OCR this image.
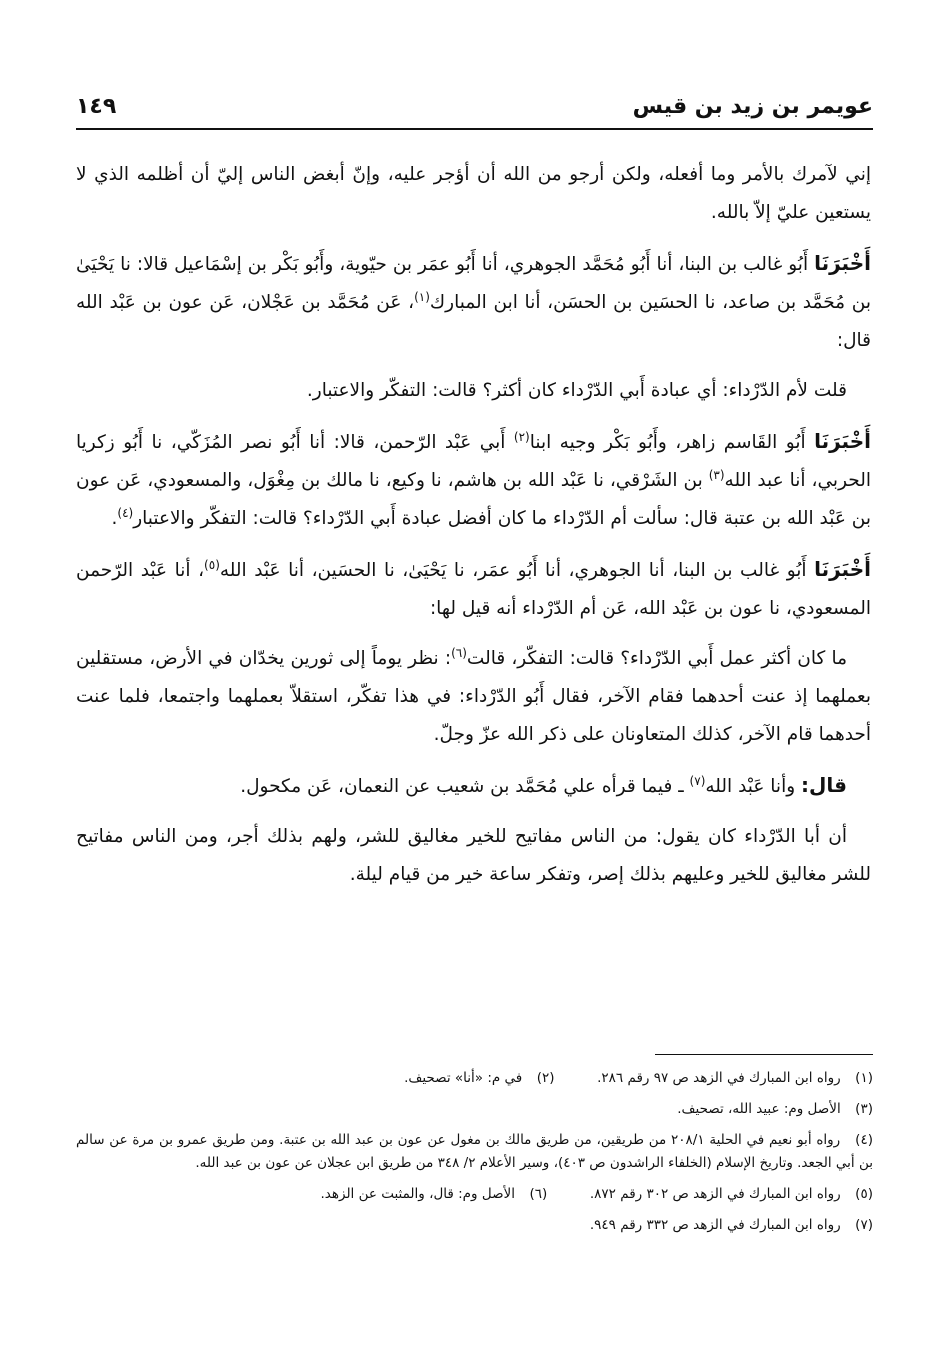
عويمر بن زيد بن قيس
١٤٩

إني لآمرك بالأمر وما أفعله، ولكن أرجو من الله أن أؤجر عليه، وإنّ أبغض الناس إليّ أن أظلمه الذي لا يستعين عليّ إلاّ بالله.

أَخْبَرَنَا أَبُو غالب بن البنا، أنا أَبُو مُحَمَّد الجوهري، أنا أَبُو عمَر بن حيّوية، وأَبُو بَكْر بن إسْمَاعيل قالا: نا يَحْيَىٰ بن مُحَمَّد بن صاعد، نا الحسَين بن الحسَن، أنا ابن المبارك$^{(١)}$، عَن مُحَمَّد بن عَجْلان، عَن عون بن عَبْد الله قال:

قلت لأم الدّرْداء: أي عبادة أَبي الدّرْداء كان أكثر؟ قالت: التفكّر والاعتبار.

أَخْبَرَنَا أَبُو القَاسم زاهر، وأَبُو بَكْر وجيه ابنا$^{(٢)}$ أَبي عَبْد الرّحمن، قالا: أنا أَبُو نصر المُزَكّي، نا أَبُو زكريا الحربي، أنا عبد الله$^{(٣)}$ بن الشَرْقي، نا عَبْد الله بن هاشم، نا وكيع، نا مالك بن مِغْوَل، والمسعودي، عَن عون بن عَبْد الله بن عتبة قال: سألت أم الدّرْداء ما كان أفضل عبادة أَبي الدّرْداء؟ قالت: التفكّر والاعتبار$^{(٤)}$.

أَخْبَرَنَا أَبُو غالب بن البنا، أنا الجوهري، أنا أَبُو عمَر، نا يَحْيَىٰ، نا الحسَين، أنا عَبْد الله$^{(٥)}$، أنا عَبْد الرّحمن المسعودي، نا عون بن عَبْد الله، عَن أم الدّرْداء أنه قيل لها:

ما كان أكثر عمل أَبي الدّرْداء؟ قالت: التفكّر، قالت$^{(٦)}$: نظر يوماً إلى ثورين يخدّان في الأرض، مستقلين بعملهما إذ عنت أحدهما فقام الآخر، فقال أَبُو الدّرْداء: في هذا تفكّر، استقلاّ بعملهما واجتمعا، فلما عنت أحدهما قام الآخر، كذلك المتعاونان على ذكر الله عزّ وجلّ.

قال: وأنا عَبْد الله$^{(٧)}$ ـ فيما قرأه علي مُحَمَّد بن شعيب عن النعمان، عَن مكحول.

أن أبا الدّرْداء كان يقول: من الناس مفاتيح للخير مغاليق للشر، ولهم بذلك أجر، ومن الناس مفاتيح للشر مغاليق للخير وعليهم بذلك إصر، وتفكر ساعة خير من قيام ليلة.

(١) رواه ابن المبارك في الزهد ص ٩٧ رقم ٢٨٦.  (٢) في م: «أنا» تصحيف.

(٣) الأصل وم: عبيد الله، تصحيف.

(٤) رواه أبو نعيم في الحلية ٢٠٨/١ من طريقين، من طريق مالك بن مغول عن عون بن عبد الله بن عتبة. ومن طريق عمرو بن مرة عن سالم بن أبي الجعد. وتاريخ الإسلام (الخلفاء الراشدون ص ٤٠٣)، وسير الأعلام ٢/ ٣٤٨ من طريق ابن عجلان عن عون بن عبد الله.

(٥) رواه ابن المبارك في الزهد ص ٣٠٢ رقم ٨٧٢.  (٦) الأصل وم: قال، والمثبت عن الزهد.

(٧) رواه ابن المبارك في الزهد ص ٣٣٢ رقم ٩٤٩.
